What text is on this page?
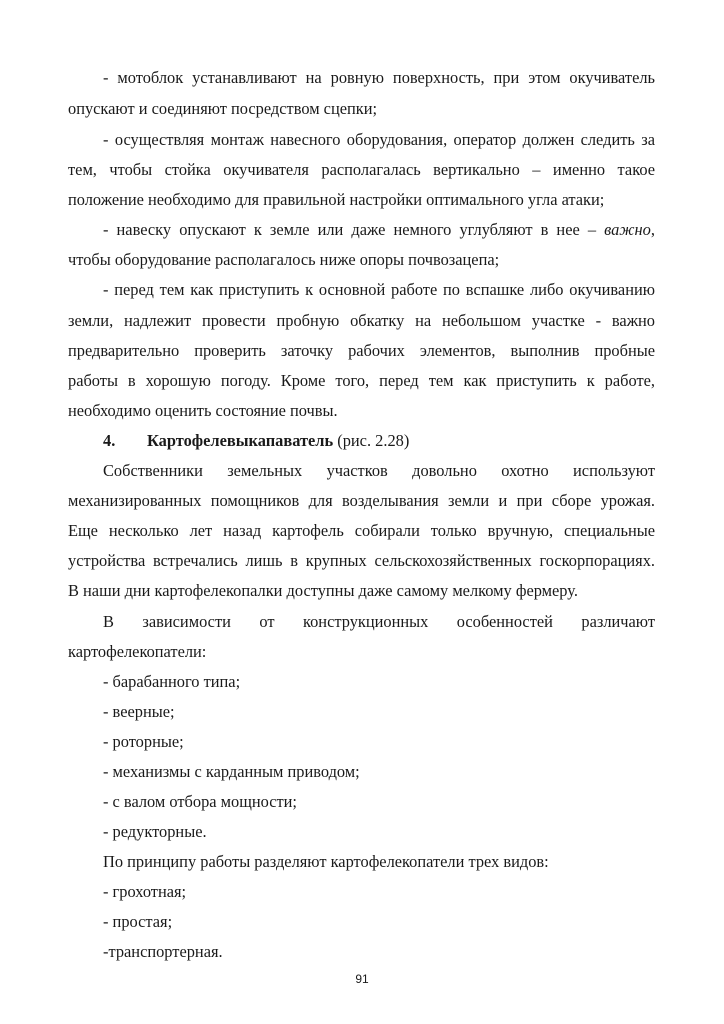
- мотоблок устанавливают на ровную поверхность, при этом окучиватель
опускают и соединяют посредством сцепки;
- осуществляя монтаж навесного оборудования, оператор должен следить за
тем, чтобы стойка окучивателя располагалась вертикально – именно такое
положение необходимо для правильной настройки оптимального угла атаки;
- навеску опускают к земле или даже немного углубляют в нее – важно,
чтобы оборудование располагалось ниже опоры почвозацепа;
- перед тем как приступить к основной работе по вспашке либо окучиванию
земли, надлежит провести пробную обкатку на небольшом участке - важно
предварительно проверить заточку рабочих элементов, выполнив пробные
работы в хорошую погоду. Кроме того, перед тем как приступить к работе,
необходимо оценить состояние почвы.
4. Картофелевыкапаватель (рис. 2.28)
Собственники земельных участков довольно охотно используют
механизированных помощников для возделывания земли и при сборе урожая.
Еще несколько лет назад картофель собирали только вручную, специальные
устройства встречались лишь в крупных сельскохозяйственных госкорпорациях.
В наши дни картофелекопалки доступны даже самому мелкому фермеру.
В зависимости от конструкционных особенностей различают
картофелекопатели:
- барабанного типа;
- веерные;
- роторные;
- механизмы с карданным приводом;
- с валом отбора мощности;
- редукторные.
По принципу работы разделяют картофелекопатели трех видов:
- грохотная;
- простая;
-транспортерная.
91
